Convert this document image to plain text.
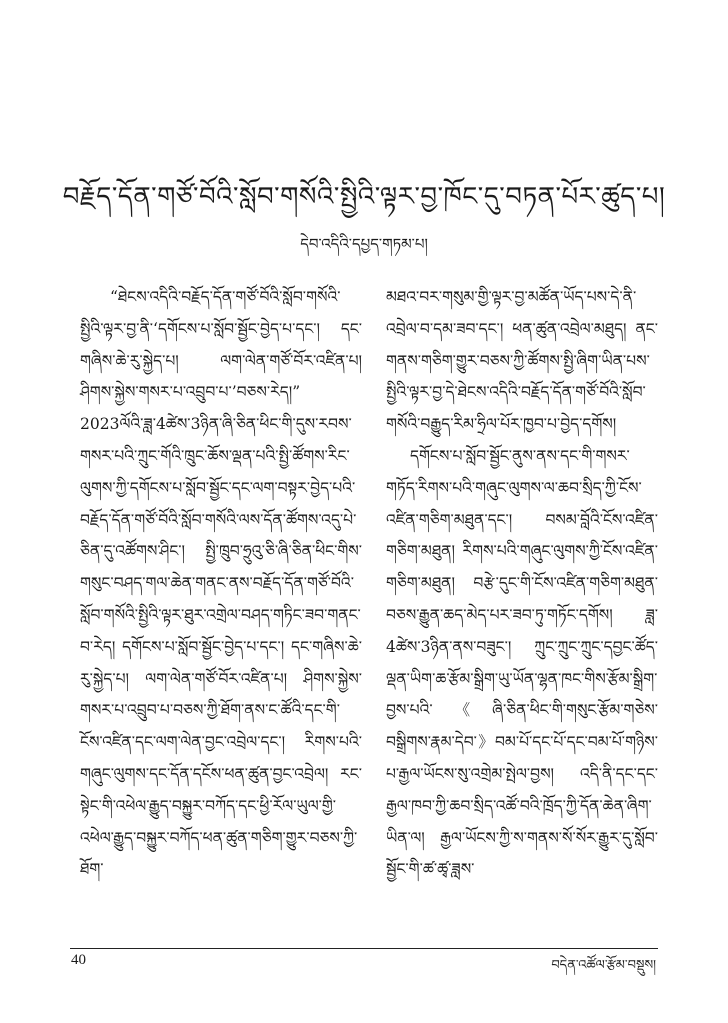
བརྗོད་དོན་གཙོ་བོའི་སློབ་གསོའི་སྤྱིའི་ལྟར་བྱ་ཁོང་དུ་བཏན་པོར་ཚུད་པ།
དེབ་འདིའི་དཔྱད་གཏམ་པ།

“ཐེངས་འདིའི་བརྗོད་དོན་གཙོ་བོའི་སློབ་གསོའི་སྤྱིའི་ལྟར་བྱ་ནི་‘དགོངས་པ་སློབ་སྦྱོང་བྱེད་པ་དང་། དང་གཞིས་ཆེ་རུ་སྐྱེད་པ། ལག་ལེན་གཙོ་བོར་འཛིན་པ། ཤིགས་སྐྱེས་གསར་པ་འབྲུབ་པ་’བཅས་རེད།” 2023ལོའི་ཟླ་4ཚེས་3ཉིན་ཞི་ཅིན་ཕིང་གི་དུས་རབས་གསར་པའི་ཀྲུང་གོའི་ཁྲུང་ཆོས་ལྡན་པའི་སྤྱི་ཚོགས་རིང་ལུགས་ཀྱི་དགོངས་པ་སློབ་སྦྱོང་དང་ལག་བསྟར་བྱེད་པའི་བརྗོད་དོན་གཙོ་བོའི་སློབ་གསོའི་ལས་དོན་ཚོགས་འདུ་པེ་ཅིན་དུ་འཚོགས་ཤིང་། སྤྱི་ཁྲུབ་ཧྲུའུ་ཅི་ཞི་ཅིན་ཕིང་གིས་གསུང་བཤད་གལ་ཆེན་གནང་ནས་བརྗོད་དོན་གཙོ་བོའི་སློབ་གསོའི་སྤྱིའི་ལྟར་ཐུར་འགྲེལ་བཤད་གཏིང་ཟབ་གནང་བ་རེད། དགོངས་པ་སློབ་སྦྱོང་བྱེད་པ་དང་། དང་གཞིས་ཆེ་རུ་སྐྱེད་པ། ལག་ལེན་གཙོ་བོར་འཛིན་པ། ཤིགས་སྐྱེས་གསར་པ་འབྲུབ་པ་བཅས་ཀྱི་ཐོག་ནས་ང་ཚོའི་དང་གི་ངོས་འཛིན་དང་ལག་ལེན་བྱང་འབྲེལ་དང་། རིགས་པའི་གཞུང་ལུགས་དང་དོན་དངོས་ཕན་ཚུན་བྱང་འབྲེལ། རང་སྟེང་གི་འཕེལ་རྒྱུད་བསྐྱུར་བཀོད་དང་ཕྱི་རོལ་ཡུལ་གྱི་འཕེལ་རྒྱུད་བསྐྱུར་བཀོད་ཕན་ཚུན་གཅིག་གྱུར་བཅས་ཀྱི་ཐོག་

མཐའ་བར་གསུམ་གྱི་ལྟར་བྱ་མཚོན་ཡོད་པས་དེ་ནི་འབྲེལ་བ་དམ་ཟབ་དང་། ཕན་ཚུན་འབྲེལ་མཐུད། ནང་གནས་གཅིག་གྱུར་བཅས་ཀྱི་ཚོགས་སྤྱི་ཞིག་ཡིན་པས་སྤྱིའི་ལྟར་བྱ་དེ་ཐེངས་འདིའི་བརྗོད་དོན་གཙོ་བོའི་སློབ་གསོའི་བརྒྱུད་རིམ་ཧྲིལ་པོར་ཁྱབ་པ་བྱེད་དགོས།

དགོངས་པ་སློབ་སྦྱོང་ནུས་ནས་དང་གི་གསར་གཏོད་རིགས་པའི་གཞུང་ལུགས་ལ་ཆབ་སྲིད་ཀྱི་ངོས་འཛིན་གཅིག་མཐུན་དང་། བསམ་བློའི་ངོས་འཛིན་གཅིག་མཐུན། རིགས་པའི་གཞུང་ལུགས་ཀྱི་ངོས་འཛིན་གཅིག་མཐུན། བརྩེ་དུང་གི་ངོས་འཛིན་གཅིག་མཐུན་བཅས་རྒྱུན་ཆད་མེད་པར་ཟབ་ཏུ་གཏོང་དགོས། ཟླ་4ཚེས་3ཉིན་ནས་བཟུང་། ཀྲུང་ཀྲུང་ཀྲུང་དབྱང་ཚོད་ལྡན་ཡིག་ཆ་རྩོམ་སྒྲིག་ཡུ་ཡོན་ལྷན་ཁང་གིས་རྩོམ་སྒྲིག་བྱས་པའི་《ཞི་ཅིན་ཕིང་གི་གསུང་རྩོམ་གཅེས་བསྒྲིགས་རྣམ་དེབ་》བམ་པོ་དང་པོ་དང་བམ་པོ་གཉིས་པ་རྒྱལ་ཡོངས་སུ་འགྲེམ་སྤེལ་བྱས། འདི་ནི་དང་དང་རྒྱལ་ཁབ་ཀྱི་ཆབ་སྲིད་འཚོ་བའི་ཁྲོད་ཀྱི་དོན་ཆེན་ཞིག་ཡིན་ལ། རྒྱལ་ཡོངས་ཀྱི་ས་གནས་སོ་སོར་རྒྱུར་དུ་སློབ་སྦྱོང་གི་ཚ་ཚྭ་ཟླས་

40	བདེན་འཚོལ་རྩོམ་བསྡུས།
